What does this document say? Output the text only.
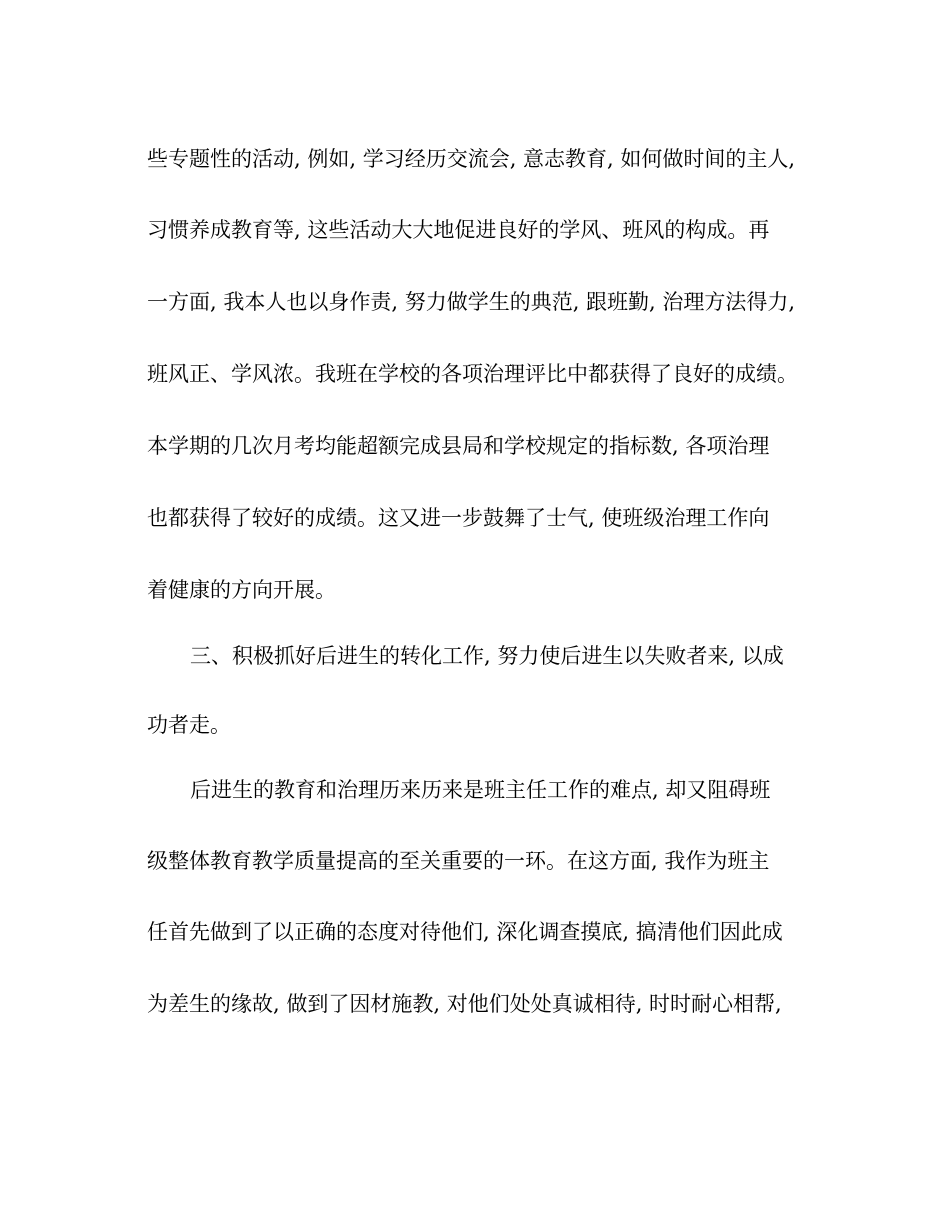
些专题性的活动, 例如, 学习经历交流会, 意志教育, 如何做时间的主人,
习惯养成教育等, 这些活动大大地促进良好的学风、班风的构成。再
一方面, 我本人也以身作责, 努力做学生的典范, 跟班勤, 治理方法得力,
班风正、学风浓。我班在学校的各项治理评比中都获得了良好的成绩。
本学期的几次月考均能超额完成县局和学校规定的指标数, 各项治理
也都获得了较好的成绩。这又进一步鼓舞了士气, 使班级治理工作向
着健康的方向开展。
三、积极抓好后进生的转化工作, 努力使后进生以失败者来, 以成
功者走。
后进生的教育和治理历来历来是班主任工作的难点, 却又阻碍班
级整体教育教学质量提高的至关重要的一环。在这方面, 我作为班主
任首先做到了以正确的态度对待他们, 深化调查摸底, 搞清他们因此成
为差生的缘故, 做到了因材施教, 对他们处处真诚相待, 时时耐心相帮,
